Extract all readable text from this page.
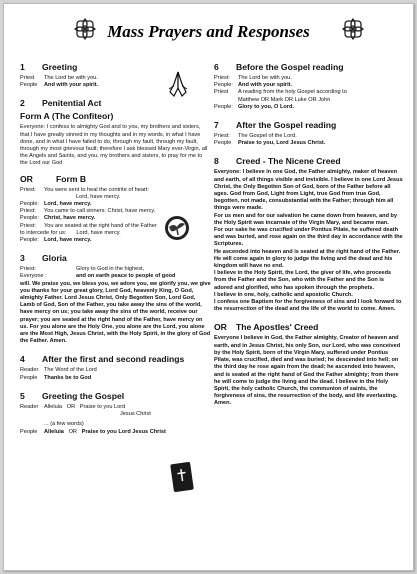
Mass Prayers and Responses
1	Greeting
Priest The Lord be with you.
People And with your spirit.
2	Penitential Act
Form A (The Confiteor)

Everyone: I confess to almighty God and to you, my brothers and sisters, that I have greatly sinned in my thoughts and in my words, in what I have done, and in what I have failed to do, through my fault, through my fault, through my most grievous fault; therefore I ask blessed Mary ever-Virgin, all the Angels and Saints, and you, my brothers and sisters, to pray for me to the Lord our God

OR	Form B
Priest: You were sent to heal the contrite of heart:
Lord, have mercy.
People: Lord, have mercy.
Priest: You came to call sinners: Christ, have mercy.
People: Christ, have mercy.
Priest: You are seated at the right hand of the Father
to intercede for us: Lord, have mercy.
People: Lord, have mercy.
3	Gloria
Priest:	Glory to God in the highest,
Everyone :	and on earth peace to people of good

will. We praise you, we bless you, we adore you, we glorify you, we give you thanks for your great glory, Lord God, heavenly King, O God, almighty Father. Lord Jesus Christ, Only Begotten Son, Lord God, Lamb of God, Son of the Father, you take away the sins of the world, have mercy on us; you take away the sins of the world, receive our prayer; you are seated at the right hand of the Father, have mercy on us. For you alone are the Holy One, you alone are the Lord, you alone are the Most High, Jesus Christ, with the Holy Spirit, in the glory of God the Father. Amen.

4	After the first and second readings
Reader The Word of the Lord
People Thanks be to God
5	Greeting the Gospel
Reader Alleluia OR Praise to you Lord
Jesus Christ
... (a few words)
People Alleluia OR Praise to you Lord Jesus Christ
6	Before the Gospel reading
Priest: The Lord be with you.
People: And with your spirit.
Priest A reading from the holy Gospel according to
Matthew OR Mark OR Luke OR John
People: Glory to you, O Lord.
7	After the Gospel reading
Priest: The Gospel of the Lord.
People Praise to you, Lord Jesus Christ.
8	Creed - The Nicene Creed

Everyone: I believe in one God, the Father almighty, maker of heaven and earth, of all things visible and invisible. I believe in one Lord Jesus Christ, the Only Begotten Son of God, born of the Father before all ages. God from God, Light from Light, true God from true God, begotten, not made, consubstantial with the Father; through him all things were made.

For us men and for our salvation he came down from heaven, and by the Holy Spirit was incarnate of the Virgin Mary, and became man.

For our sake he was crucified under Pontius Pilate, he suffered death and was buried, and rose again on the third day in accordance with the Scriptures.

He ascended into heaven and is seated at the right hand of the Father. He will come again in glory to judge the living and the dead and his kingdom will have no end.

I believe in the Holy Spirit, the Lord, the giver of life, who proceeds from the Father and the Son, who with the Father and the Son is adored and glorified, who has spoken through the prophets.

I believe in one, holy, catholic and apostolic Church.

I confess one Baptism for the forgiveness of sins and I look forward to the resurrection of the dead and the life of the world to come. Amen.

OR	The Apostles' Creed

Everyone I believe in God, the Father almighty, Creator of heaven and earth, and in Jesus Christ, his only Son, our Lord, who was conceived by the Holy Spirit, born of the Virgin Mary, suffered under Pontius Pilate, was crucified, died and was buried; he descended into hell; on the third day he rose again from the dead; he ascended into heaven, and is seated at the right hand of God the Father almighty; from there he will come to judge the living and the dead. I believe in the Holy Spirit, the holy catholic Church, the communion of saints, the forgiveness of sins, the resurrection of the body, and life everlasting. Amen.
